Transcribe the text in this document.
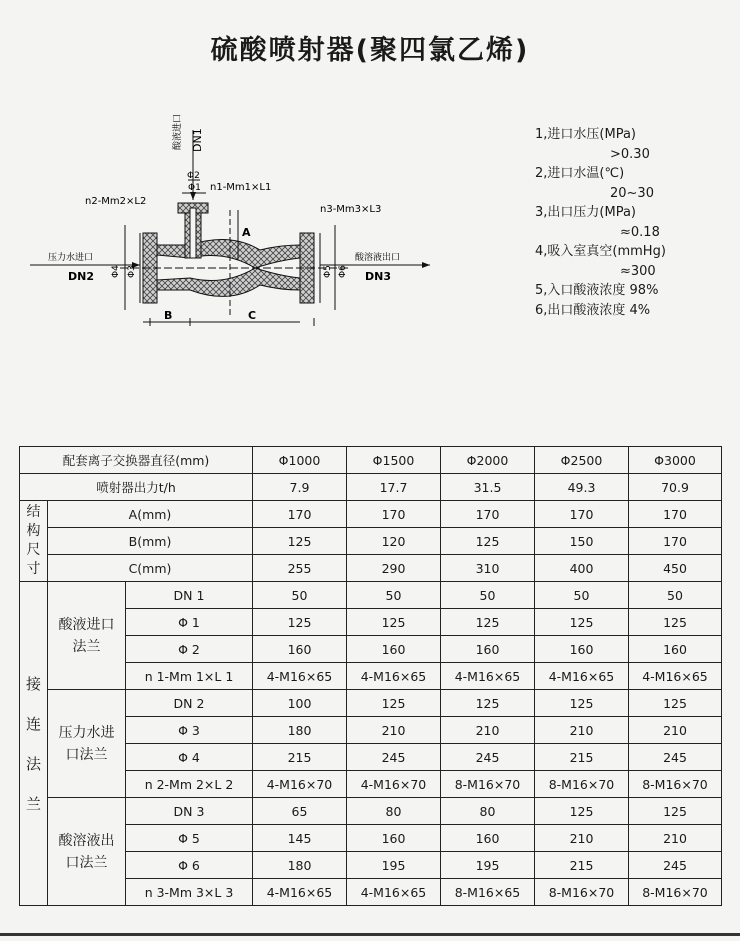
硫酸喷射器(聚四氯乙烯)
酸液进口 DN1
Φ2
Φ1 n1-Mm1×L1
n2-Mm2×L2
n3-Mm3×L3
压力水进口
DN2 Φ4 Φ3	Φ5 Φ6
酸溶液出口
DN3
A
B	C
1,进口水压(MPa)
>0.30
2,进口水温(℃)
20~30
3,出口压力(MPa)
≈0.18
4,吸入室真空(mmHg)
≈300
5,入口酸液浓度 98%
6,出口酸液浓度 4%
配套离子交换器直径(mm)			Φ1000	Φ1500	Φ2000	Φ2500	Φ3000
喷射器出力t/h			7.9	17.7	31.5	49.3	70.9

结
构
尺
寸	A(mm)		170	170	170	170	170
	B(mm)		125	120	125	150	170
	C(mm)		255	290	310	400	450

接
连
法
兰	酸液进口法兰	DN 1	50	50	50	50	50
		Φ 1	125	125	125	125	125
		Φ 2	160	160	160	160	160
		n 1-Mm 1×L 1	4-M16×65	4-M16×65	4-M16×65	4-M16×65	4-M16×65

	压力水进口法兰	DN 2	100	125	125	125	125
		Φ 3	180	210	210	210	210
		Φ 4	215	245	245	215	245
		n 2-Mm 2×L 2	4-M16×70	4-M16×70	8-M16×70	8-M16×70	8-M16×70

	酸溶液出口法兰	DN 3	65	80	80	125	125
		Φ 5	145	160	160	210	210
		Φ 6	180	195	195	215	245
		n 3-Mm 3×L 3	4-M16×65	4-M16×65	8-M16×65	8-M16×70	8-M16×70
